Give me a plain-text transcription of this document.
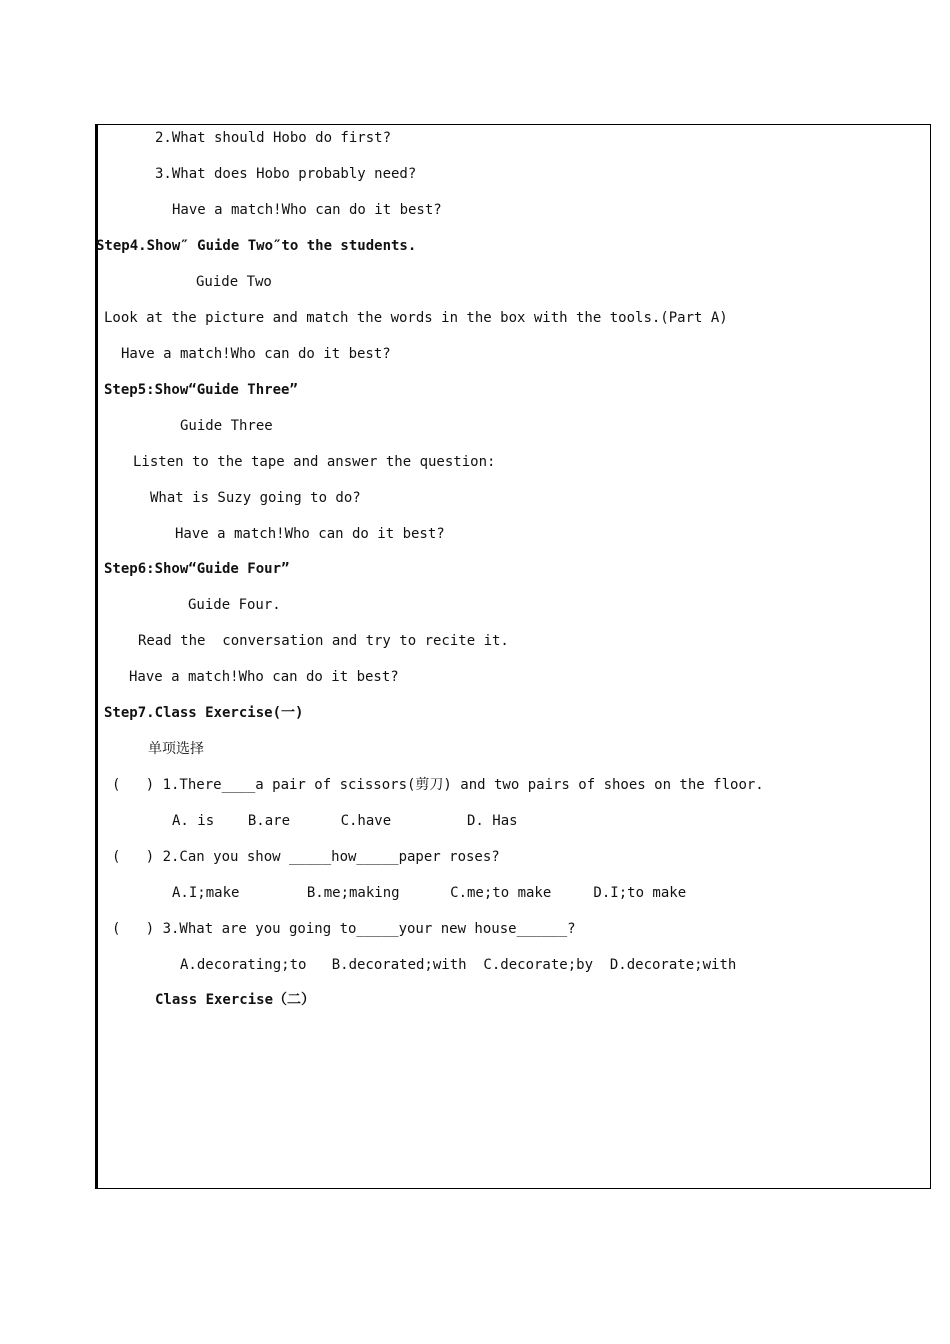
2.What should Hobo do first?
3.What does Hobo probably need?
Have a match!Who can do it best?
Step4.Show″ Guide Two″to the students.
Guide Two
Look at the picture and match the words in the box with the tools.(Part A)
Have a match!Who can do it best?
Step5:Show“Guide Three”
Guide Three
Listen to the tape and answer the question:
What is Suzy going to do?
Have a match!Who can do it best?
Step6:Show“Guide Four”
Guide Four.
Read the  conversation and try to recite it.
Have a match!Who can do it best?
Step7.Class Exercise(一)
单项选择
(   ) 1.There____a pair of scissors(剪刀) and two pairs of shoes on the floor.
A. is    B.are      C.have         D. Has
(   ) 2.Can you show _____how_____paper roses?
A.I;make        B.me;making      C.me;to make     D.I;to make
(   ) 3.What are you going to_____your new house______?
A.decorating;to   B.decorated;with  C.decorate;by  D.decorate;with
Class Exercise（二）
